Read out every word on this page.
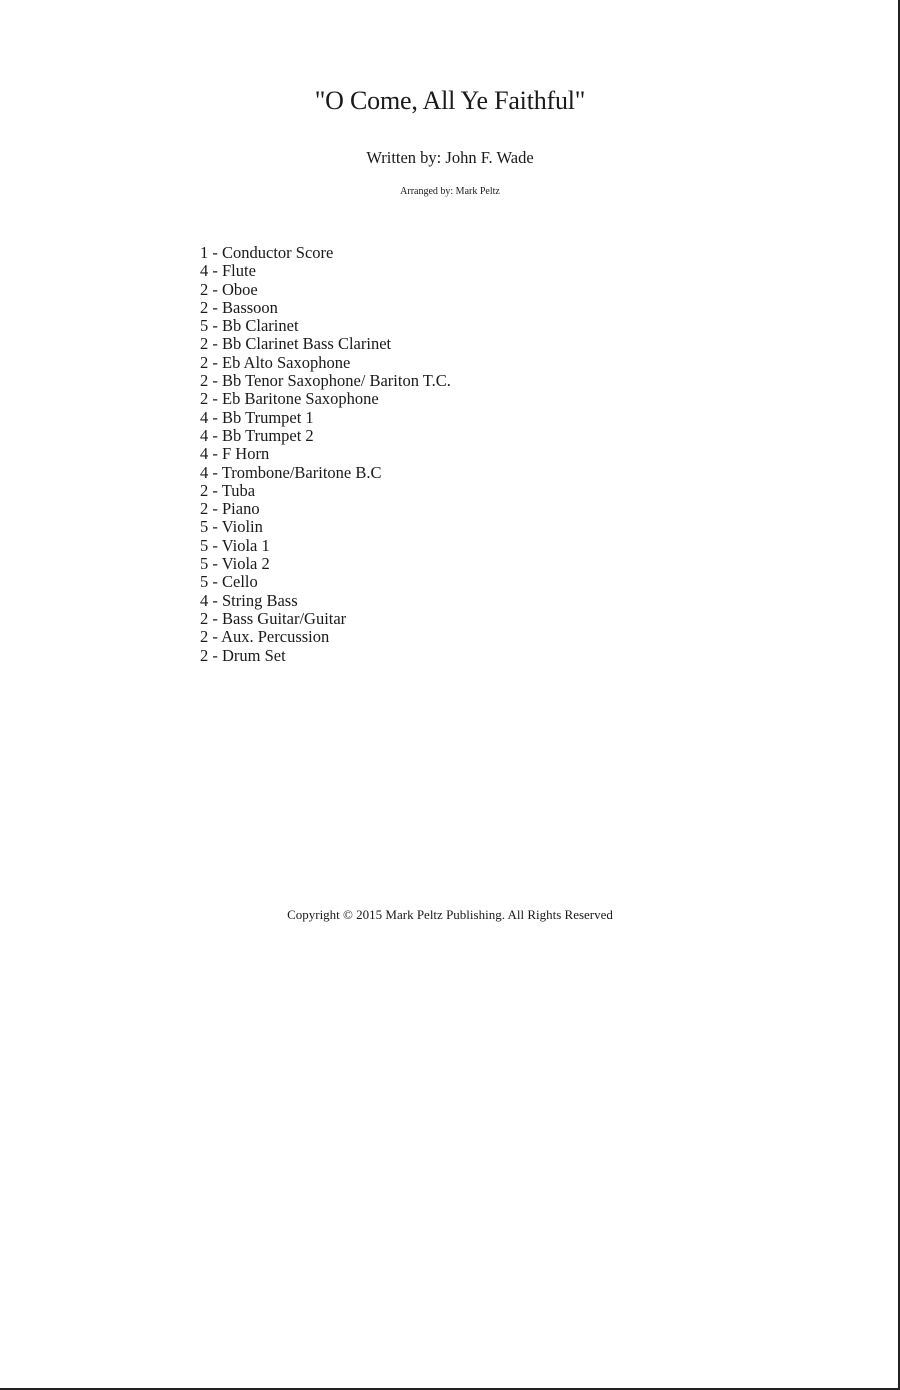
"O Come, All Ye Faithful"
Written by: John F. Wade
Arranged by: Mark Peltz
1 - Conductor Score
4 - Flute
2 - Oboe
2 - Bassoon
5 - Bb Clarinet
2 - Bb Clarinet Bass Clarinet
2 - Eb Alto Saxophone
2 - Bb Tenor Saxophone/ Bariton T.C.
2 - Eb Baritone Saxophone
4 - Bb Trumpet 1
4 - Bb Trumpet 2
4 - F Horn
4 - Trombone/Baritone B.C
2 - Tuba
2 - Piano
5 - Violin
5 - Viola 1
5 - Viola 2
5 - Cello
4 - String Bass
2 - Bass Guitar/Guitar
2 - Aux. Percussion
2 - Drum Set
Copyright © 2015 Mark Peltz Publishing. All Rights Reserved
